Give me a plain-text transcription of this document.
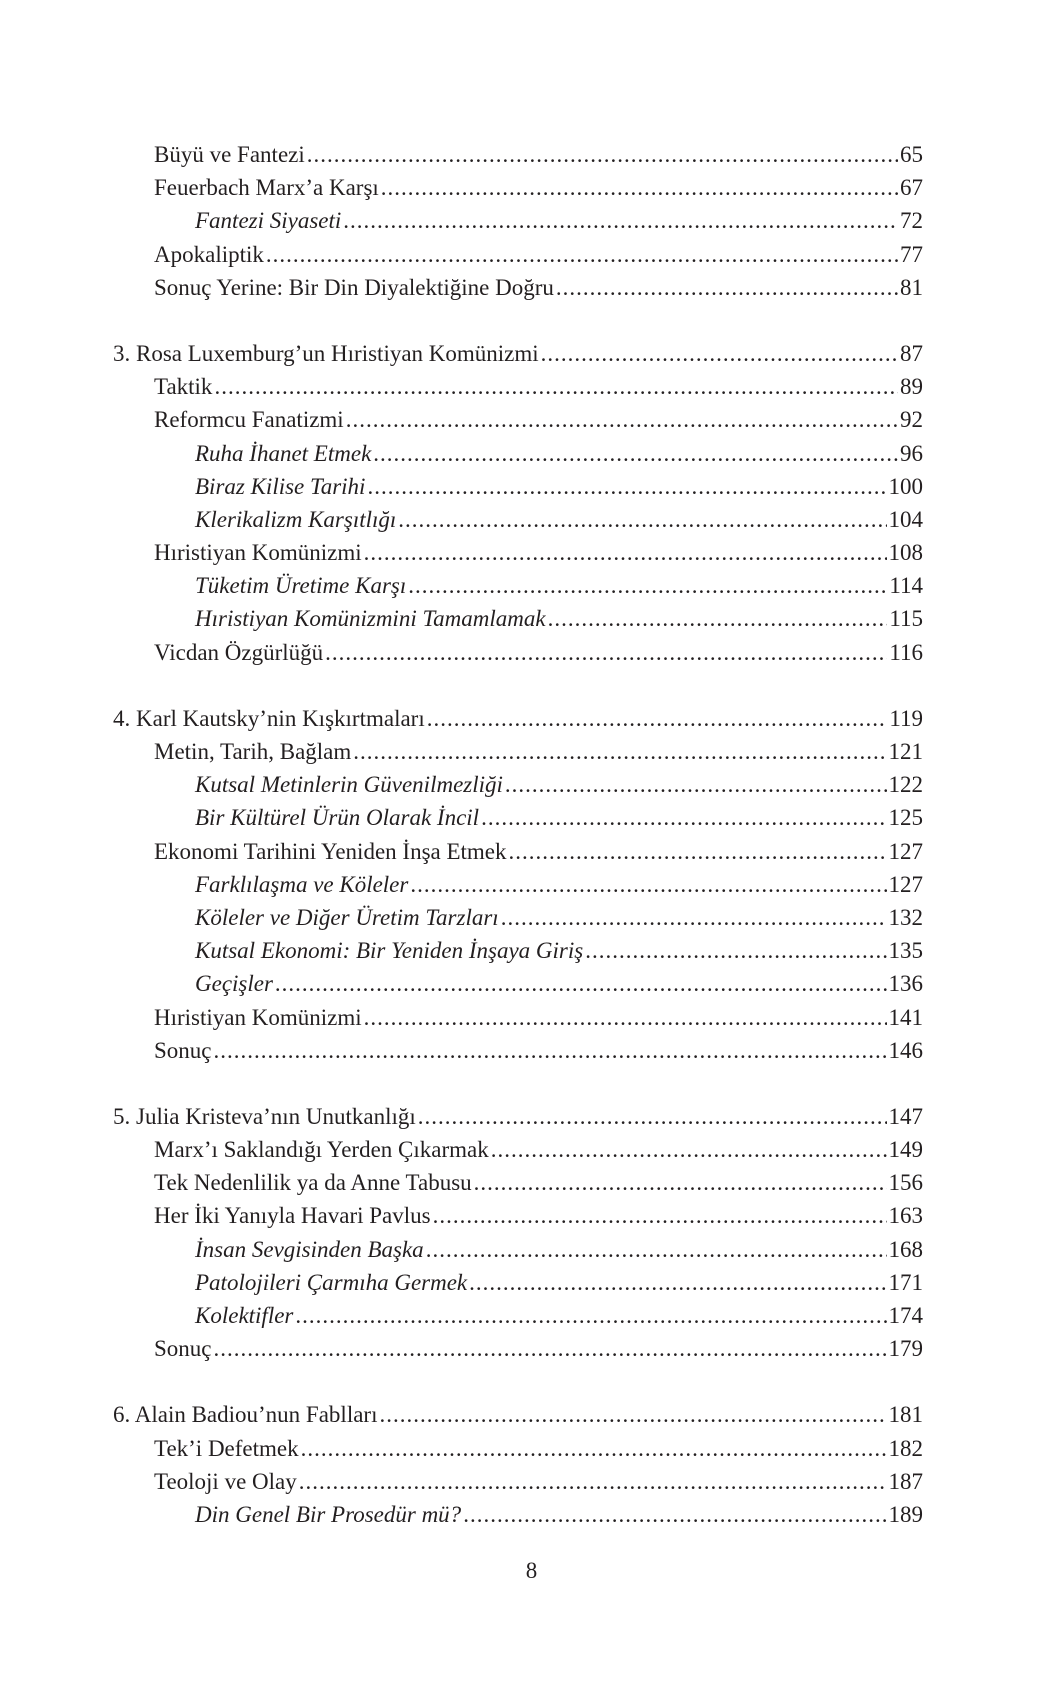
Büyü ve Fantezi .....	65
Feuerbach Marx’a Karşı .....	67
Fantezi Siyaseti .....	72
Apokaliptik .....	77
Sonuç Yerine: Bir Din Diyalektiğine Doğru .....	81
3. Rosa Luxemburg’un Hıristiyan Komünizmi .....	87
Taktik .....	89
Reformcu Fanatizmi .....	92
Ruha İhanet Etmek .....	96
Biraz Kilise Tarihi .....	100
Klerikalizm Karşıtlığı .....	104
Hıristiyan Komünizmi .....	108
Tüketim Üretime Karşı .....	114
Hıristiyan Komünizmini Tamamlamak .....	115
Vicdan Özgürlüğü .....	116
4. Karl Kautsky’nin Kışkırtmaları .....	119
Metin, Tarih, Bağlam .....	121
Kutsal Metinlerin Güvenilmezliği .....	122
Bir Kültürel Ürün Olarak İncil .....	125
Ekonomi Tarihini Yeniden İnşa Etmek .....	127
Farklılaşma ve Köleler .....	127
Köleler ve Diğer Üretim Tarzları .....	132
Kutsal Ekonomi: Bir Yeniden İnşaya Giriş .....	135
Geçişler .....	136
Hıristiyan Komünizmi .....	141
Sonuç .....	146
5. Julia Kristeva’nın Unutkanlığı .....	147
Marx’ı Saklandığı Yerden Çıkarmak .....	149
Tek Nedenlilik ya da Anne Tabusu .....	156
Her İki Yanıyla Havari Pavlus .....	163
İnsan Sevgisinden Başka .....	168
Patolojileri Çarmıha Germek .....	171
Kolektifler .....	174
Sonuç .....	179
6. Alain Badiou’nun Fablları .....	181
Tek’i Defetmek .....	182
Teoloji ve Olay .....	187
Din Genel Bir Prosedür mü? .....	189
8
